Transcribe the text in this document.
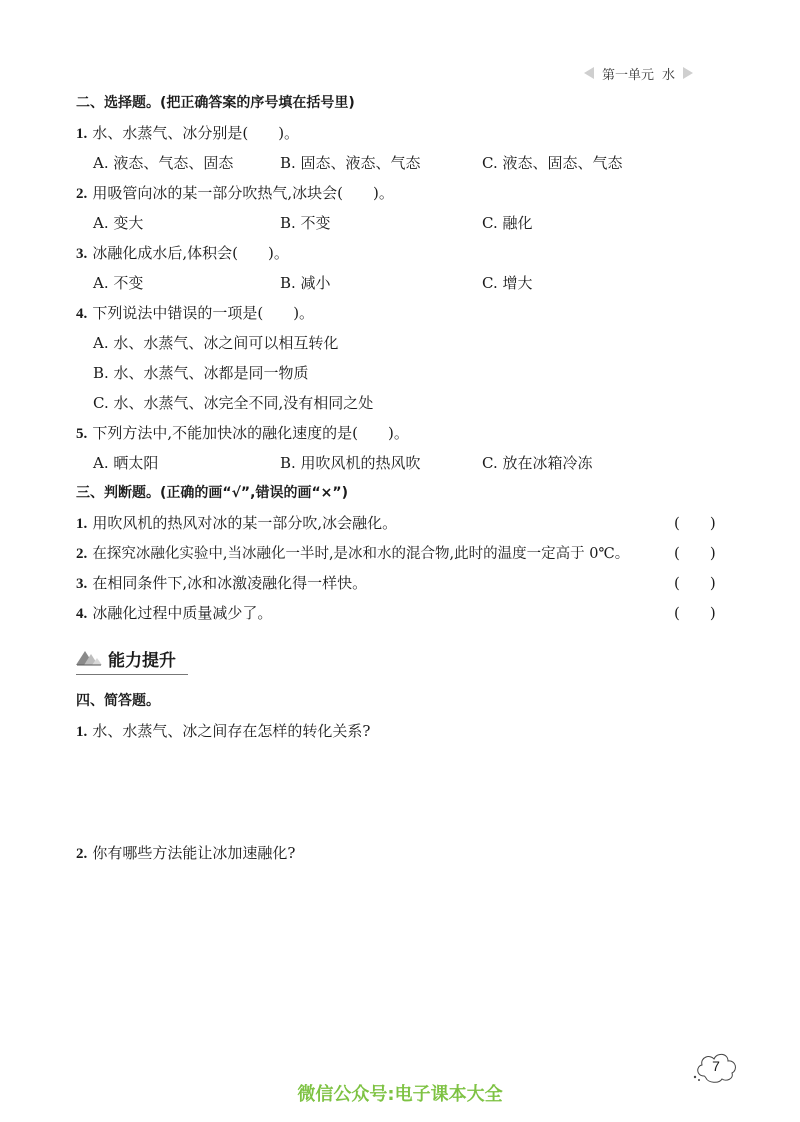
第一单元 水
二、选择题。(把正确答案的序号填在括号里)
1. 水、水蒸气、冰分别是(　　)。
A. 液态、气态、固态	B. 固态、液态、气态	C. 液态、固态、气态
2. 用吸管向冰的某一部分吹热气,冰块会(　　)。
A. 变大	B. 不变	C. 融化
3. 冰融化成水后,体积会(　　)。
A. 不变	B. 减小	C. 增大
4. 下列说法中错误的一项是(　　)。
A. 水、水蒸气、冰之间可以相互转化
B. 水、水蒸气、冰都是同一物质
C. 水、水蒸气、冰完全不同,没有相同之处
5. 下列方法中,不能加快冰的融化速度的是(　　)。
A. 晒太阳	B. 用吹风机的热风吹	C. 放在冰箱冷冻
三、判断题。(正确的画“√”,错误的画“×”)
1. 用吹风机的热风对冰的某一部分吹,冰会融化。	(　　)
2. 在探究冰融化实验中,当冰融化一半时,是冰和水的混合物,此时的温度一定高于 0℃。	(　　)
3. 在相同条件下,冰和冰激凌融化得一样快。	(　　)
4. 冰融化过程中质量减少了。	(　　)
能力提升
四、简答题。
1. 水、水蒸气、冰之间存在怎样的转化关系?
2. 你有哪些方法能让冰加速融化?
7
微信公众号:电子课本大全
